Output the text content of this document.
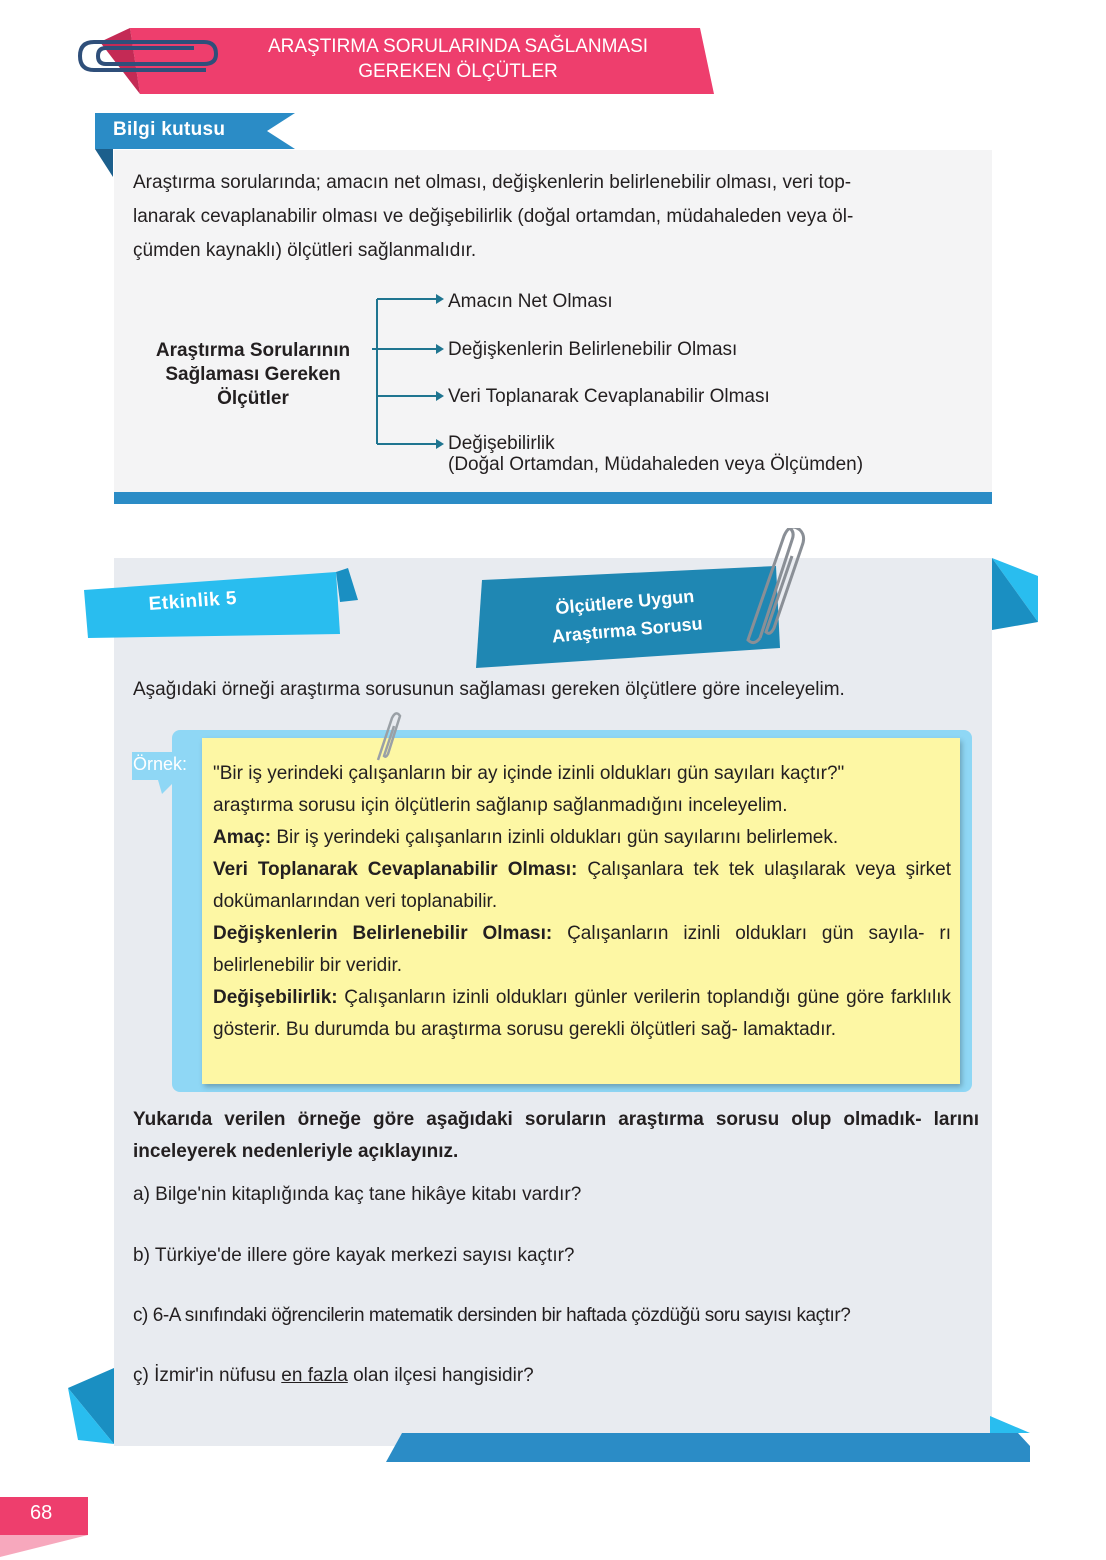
ARAŞTIRMA SORULARINDA SAĞLANMASI
GEREKEN ÖLÇÜTLER
Bilgi kutusu
Araştırma sorularında; amacın net olması, değişkenlerin belirlenebilir olması, veri top-
lanarak cevaplanabilir olması ve değişebilirlik (doğal ortamdan, müdahaleden veya öl-
çümden kaynaklı) ölçütleri sağlanmalıdır.
Araştırma Sorularının
Sağlaması Gereken
Ölçütler
Amacın Net Olması
Değişkenlerin Belirlenebilir Olması
Veri Toplanarak Cevaplanabilir Olması
Değişebilirlik
(Doğal Ortamdan, Müdahaleden veya Ölçümden)
Etkinlik 5	Ölçütlere Uygun
Araştırma Sorusu
Aşağıdaki örneği araştırma sorusunun sağlaması gereken ölçütlere göre inceleyelim.
Örnek: "Bir iş yerindeki çalışanların bir ay içinde izinli oldukları gün sayıları kaçtır?"
araştırma sorusu için ölçütlerin sağlanıp sağlanmadığını inceleyelim.
Amaç: Bir iş yerindeki çalışanların izinli oldukları gün sayılarını belirlemek.
Veri Toplanarak Cevaplanabilir Olması: Çalışanlara tek tek ulaşılarak veya şirket dokümanlarından veri toplanabilir.
Değişkenlerin Belirlenebilir Olması: Çalışanların izinli oldukları gün sayıla- rı belirlenebilir bir veridir.
Değişebilirlik: Çalışanların izinli oldukları günler verilerin toplandığı güne göre farklılık gösterir. Bu durumda bu araştırma sorusu gerekli ölçütleri sağ- lamaktadır.
Yukarıda verilen örneğe göre aşağıdaki soruların araştırma sorusu olup olmadık- larını inceleyerek nedenleriyle açıklayınız.
a) Bilge'nin kitaplığında kaç tane hikâye kitabı vardır?
b) Türkiye'de illere göre kayak merkezi sayısı kaçtır?
c) 6-A sınıfındaki öğrencilerin matematik dersinden bir haftada çözdüğü soru sayısı kaçtır?
ç) İzmir'in nüfusu en fazla olan ilçesi hangisidir?
68
